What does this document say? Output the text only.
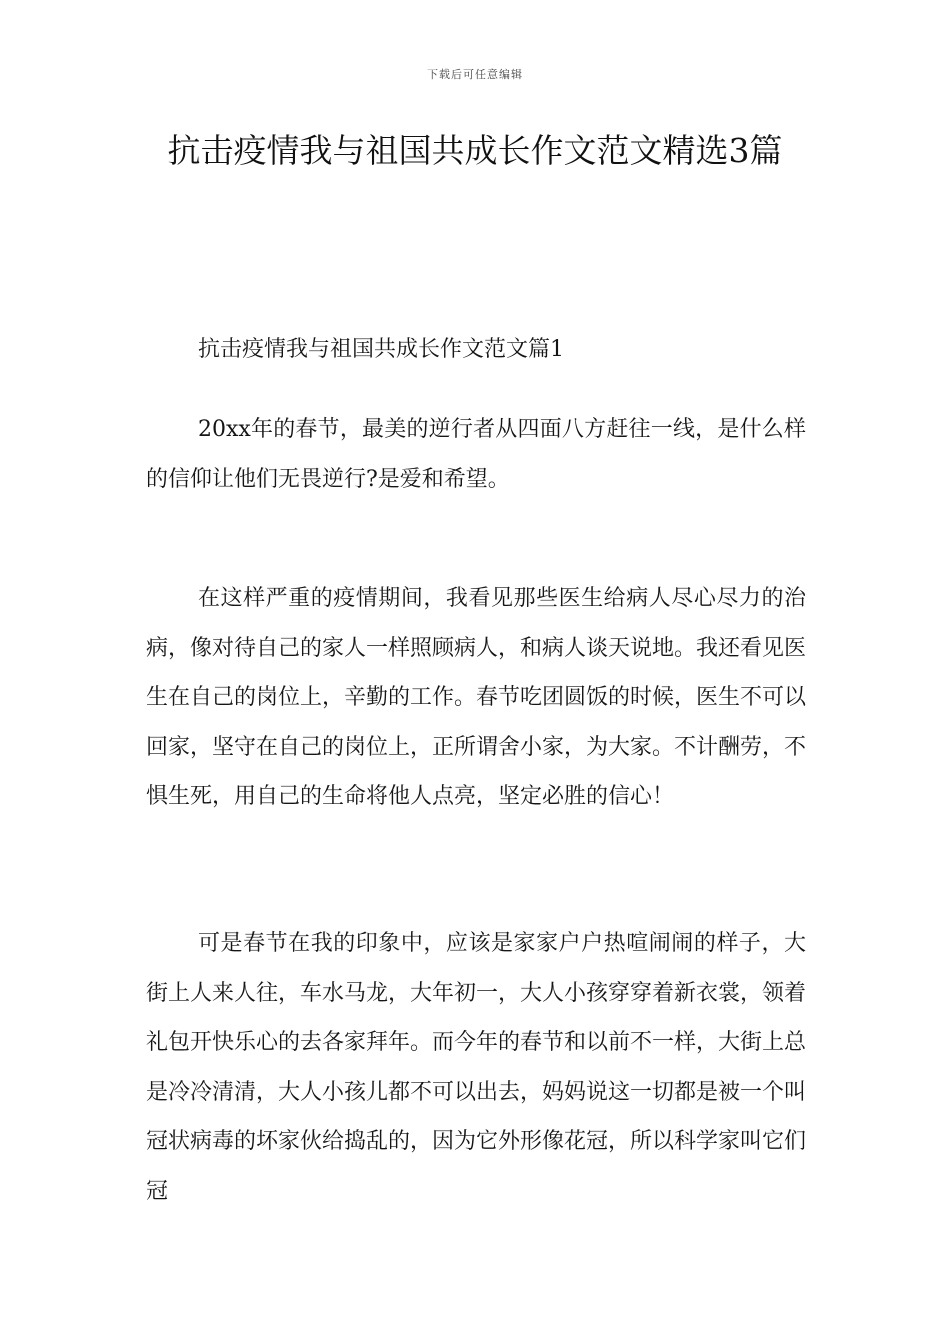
下载后可任意编辑
抗击疫情我与祖国共成长作文范文精选3篇
抗击疫情我与祖国共成长作文范文篇1

20xx年的春节，最美的逆行者从四面八方赶往一线，是什么样的信仰让他们无畏逆行?是爱和希望。

在这样严重的疫情期间，我看见那些医生给病人尽心尽力的治病，像对待自己的家人一样照顾病人，和病人谈天说地。我还看见医生在自己的岗位上，辛勤的工作。春节吃团圆饭的时候，医生不可以回家，坚守在自己的岗位上，正所谓舍小家，为大家。不计酬劳，不惧生死，用自己的生命将他人点亮，坚定必胜的信心！

可是春节在我的印象中，应该是家家户户热喧闹闹的样子，大街上人来人往，车水马龙，大年初一，大人小孩穿穿着新衣裳，领着礼包开快乐心的去各家拜年。而今年的春节和以前不一样，大街上总是冷冷清清，大人小孩儿都不可以出去，妈妈说这一切都是被一个叫冠状病毒的坏家伙给捣乱的，因为它外形像花冠，所以科学家叫它们冠
